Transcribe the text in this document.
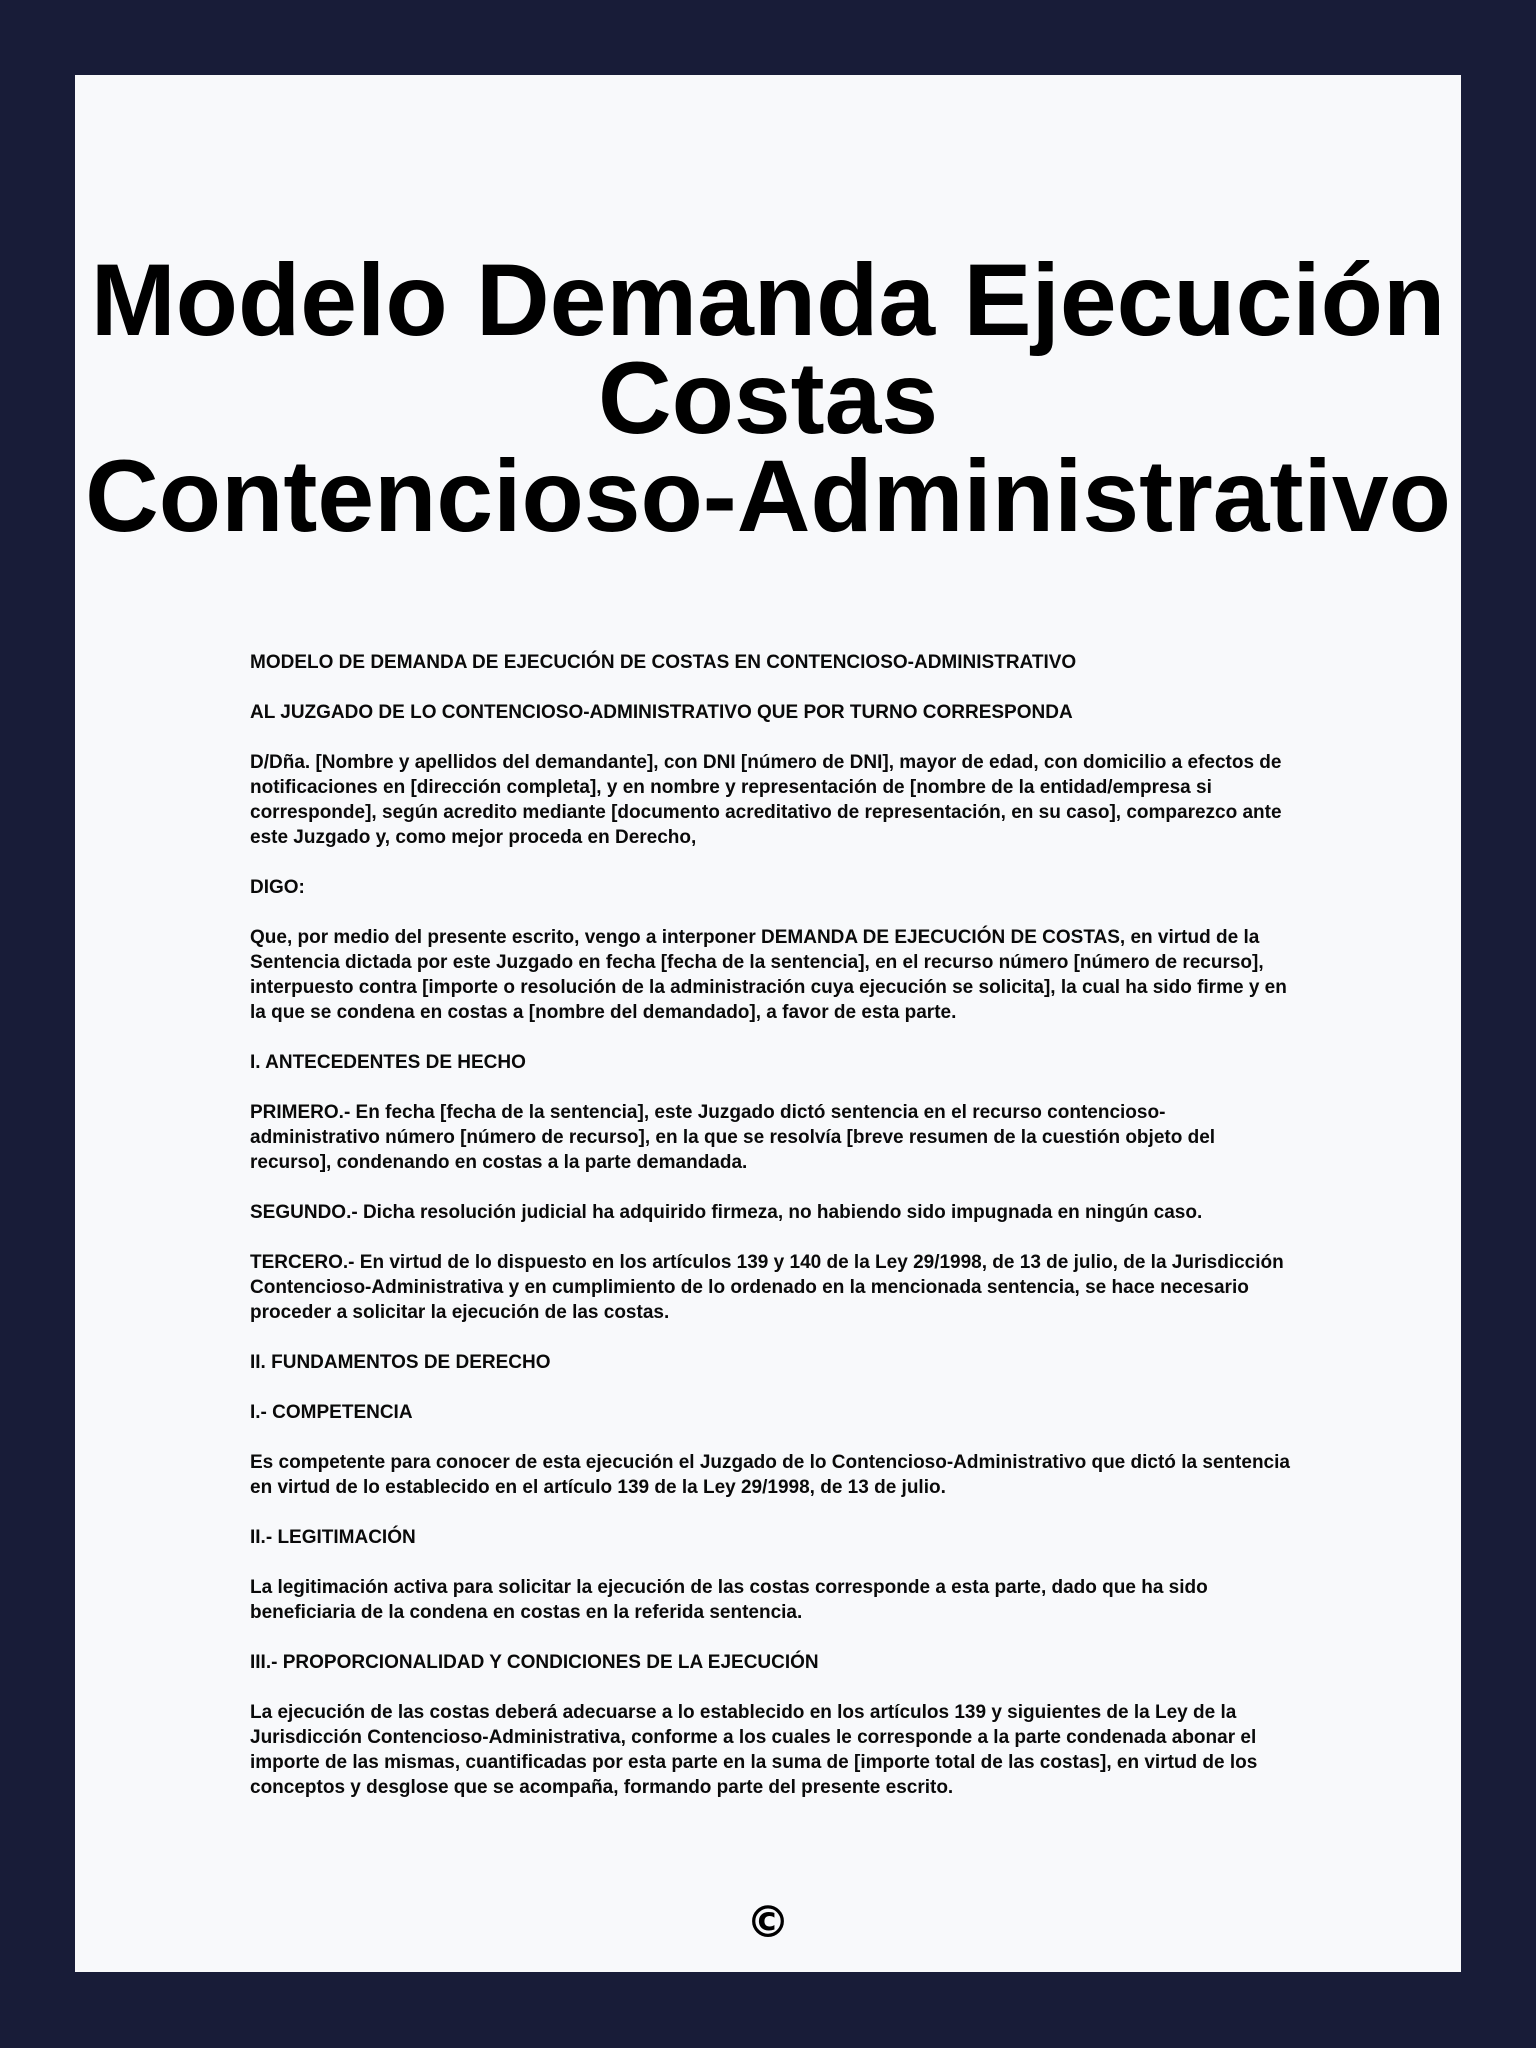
Modelo Demanda Ejecución
Costas
Contencioso-Administrativo

MODELO DE DEMANDA DE EJECUCIÓN DE COSTAS EN CONTENCIOSO-ADMINISTRATIVO

AL JUZGADO DE LO CONTENCIOSO-ADMINISTRATIVO QUE POR TURNO CORRESPONDA

D/Dña. [Nombre y apellidos del demandante], con DNI [número de DNI], mayor de edad, con domicilio a efectos de notificaciones en [dirección completa], y en nombre y representación de [nombre de la entidad/empresa si corresponde], según acredito mediante [documento acreditativo de representación, en su caso], comparezco ante este Juzgado y, como mejor proceda en Derecho,

DIGO:

Que, por medio del presente escrito, vengo a interponer DEMANDA DE EJECUCIÓN DE COSTAS, en virtud de la Sentencia dictada por este Juzgado en fecha [fecha de la sentencia], en el recurso número [número de recurso], interpuesto contra [importe o resolución de la administración cuya ejecución se solicita], la cual ha sido firme y en la que se condena en costas a [nombre del demandado], a favor de esta parte.

I. ANTECEDENTES DE HECHO

PRIMERO.- En fecha [fecha de la sentencia], este Juzgado dictó sentencia en el recurso contencioso-administrativo número [número de recurso], en la que se resolvía [breve resumen de la cuestión objeto del recurso], condenando en costas a la parte demandada.

SEGUNDO.- Dicha resolución judicial ha adquirido firmeza, no habiendo sido impugnada en ningún caso.

TERCERO.- En virtud de lo dispuesto en los artículos 139 y 140 de la Ley 29/1998, de 13 de julio, de la Jurisdicción Contencioso-Administrativa y en cumplimiento de lo ordenado en la mencionada sentencia, se hace necesario proceder a solicitar la ejecución de las costas.

II. FUNDAMENTOS DE DERECHO

I.- COMPETENCIA

Es competente para conocer de esta ejecución el Juzgado de lo Contencioso-Administrativo que dictó la sentencia en virtud de lo establecido en el artículo 139 de la Ley 29/1998, de 13 de julio.

II.- LEGITIMACIÓN

La legitimación activa para solicitar la ejecución de las costas corresponde a esta parte, dado que ha sido beneficiaria de la condena en costas en la referida sentencia.

III.- PROPORCIONALIDAD Y CONDICIONES DE LA EJECUCIÓN

La ejecución de las costas deberá adecuarse a lo establecido en los artículos 139 y siguientes de la Ley de la Jurisdicción Contencioso-Administrativa, conforme a los cuales le corresponde a la parte condenada abonar el importe de las mismas, cuantificadas por esta parte en la suma de [importe total de las costas], en virtud de los conceptos y desglose que se acompaña, formando parte del presente escrito.

©
